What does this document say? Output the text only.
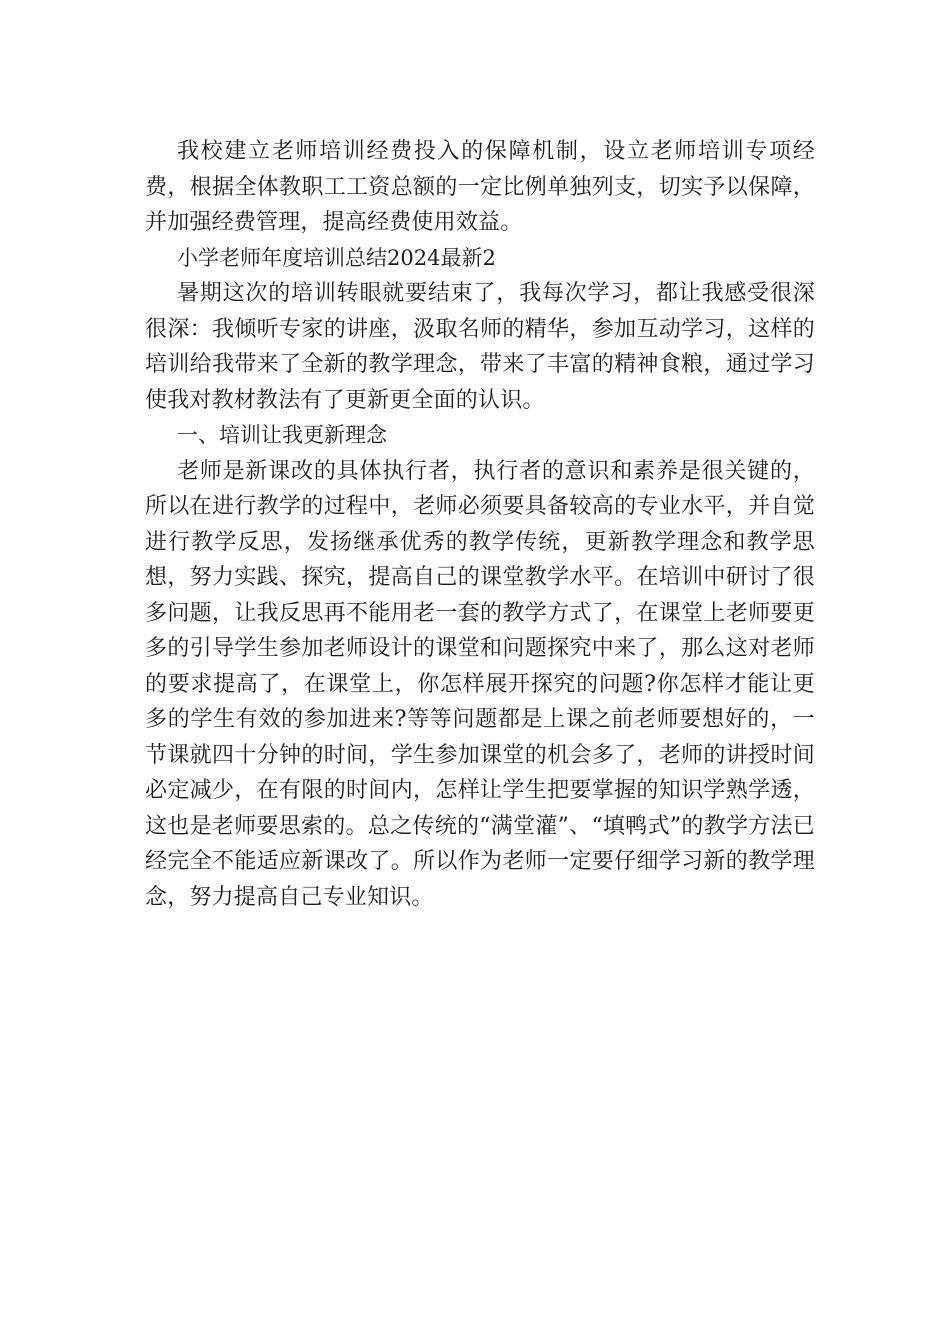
我校建立老师培训经费投入的保障机制，设立老师培训专项经费，根据全体教职工工资总额的一定比例单独列支，切实予以保障，并加强经费管理，提高经费使用效益。

小学老师年度培训总结2024最新2

暑期这次的培训转眼就要结束了，我每次学习，都让我感受很深很深：我倾听专家的讲座，汲取名师的精华，参加互动学习，这样的培训给我带来了全新的教学理念，带来了丰富的精神食粮，通过学习使我对教材教法有了更新更全面的认识。

一、培训让我更新理念

老师是新课改的具体执行者，执行者的意识和素养是很关键的，所以在进行教学的过程中，老师必须要具备较高的专业水平，并自觉进行教学反思，发扬继承优秀的教学传统，更新教学理念和教学思想，努力实践、探究，提高自己的课堂教学水平。在培训中研讨了很多问题，让我反思再不能用老一套的教学方式了，在课堂上老师要更多的引导学生参加老师设计的课堂和问题探究中来了，那么这对老师的要求提高了，在课堂上，你怎样展开探究的问题?你怎样才能让更多的学生有效的参加进来?等等问题都是上课之前老师要想好的，一节课就四十分钟的时间，学生参加课堂的机会多了，老师的讲授时间必定减少，在有限的时间内，怎样让学生把要掌握的知识学熟学透，这也是老师要思索的。总之传统的“满堂灌”、“填鸭式”的教学方法已经完全不能适应新课改了。所以作为老师一定要仔细学习新的教学理念，努力提高自己专业知识。
